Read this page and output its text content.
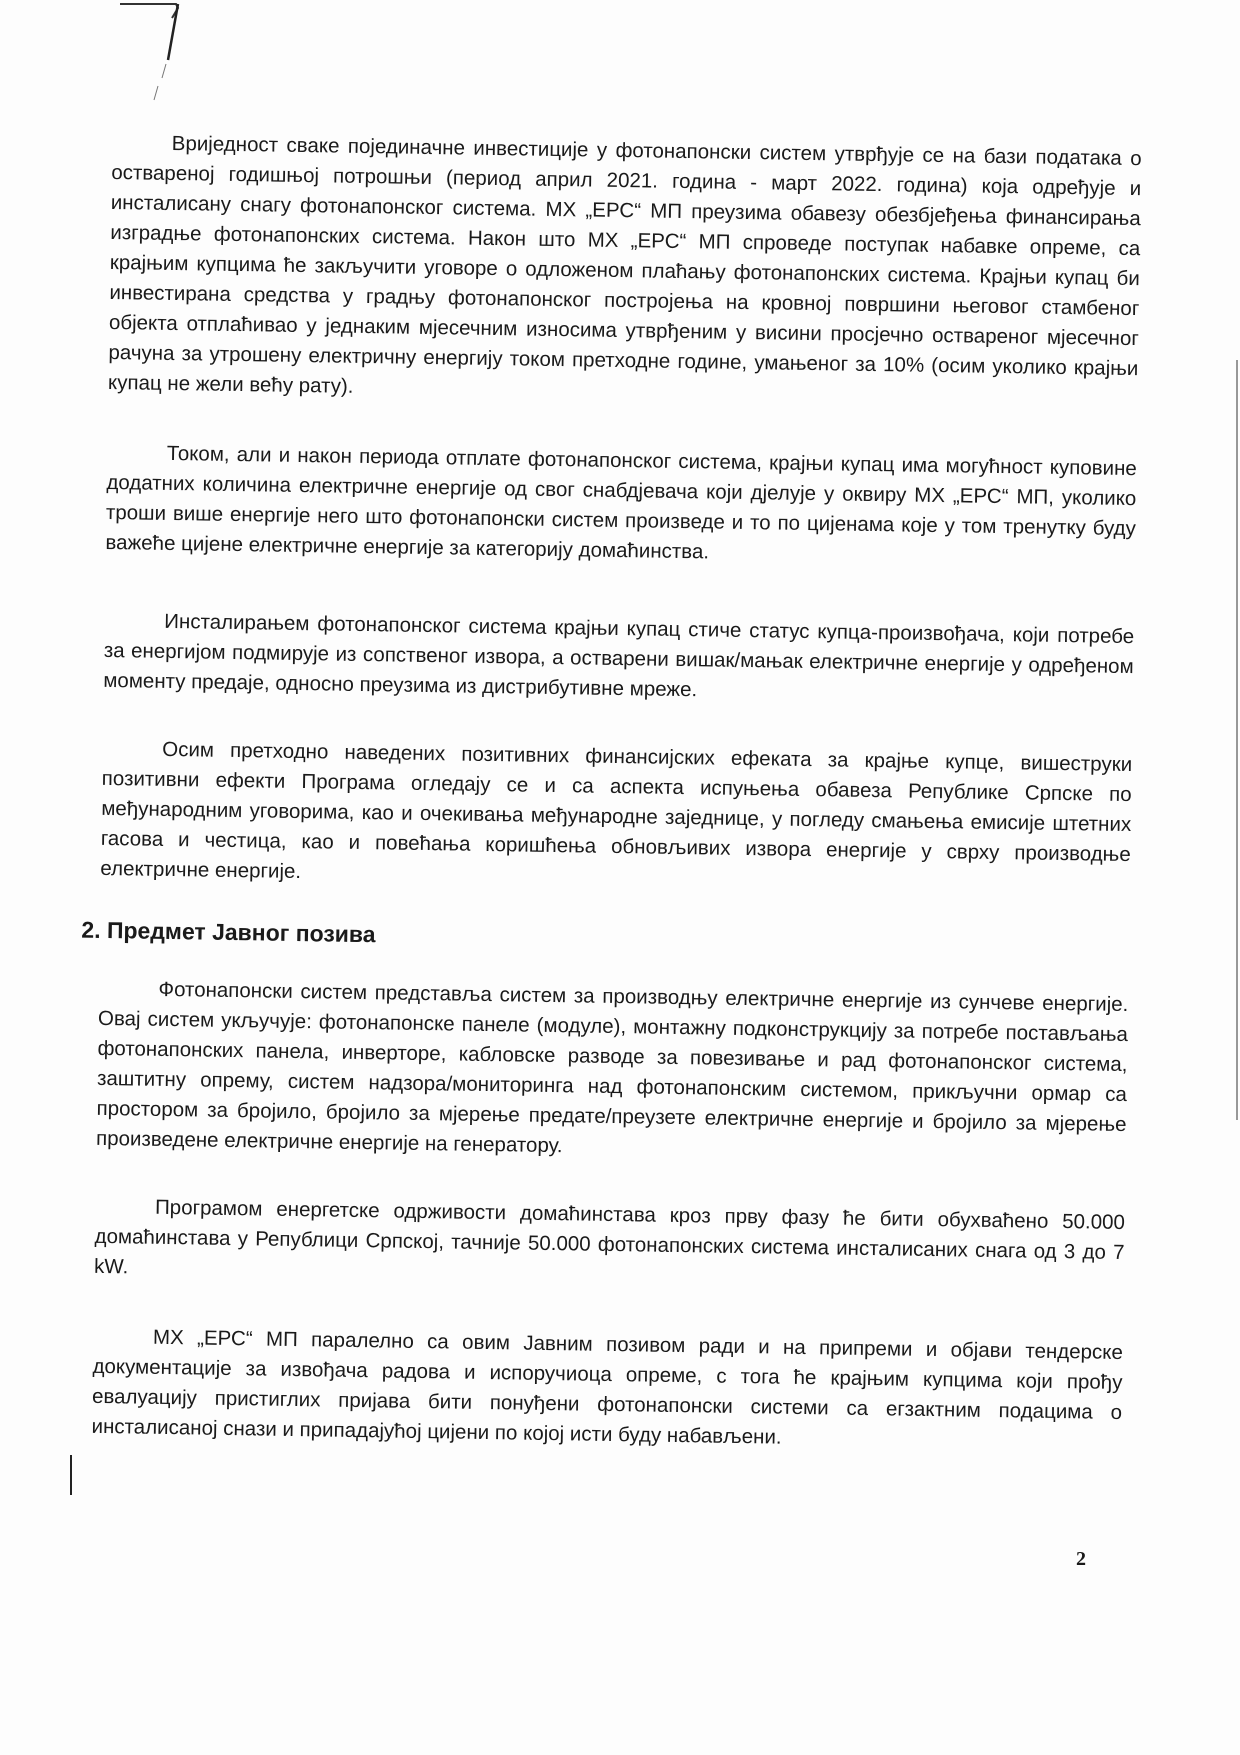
Вриједност сваке појединачне инвестиције у фотонапонски систем утврђује се на бази података о оствареној годишњој потрошњи (период април 2021. година - март 2022. година) која одређује и инсталисану снагу фотонапонског система. МХ „ЕРС“ МП преузима обавезу обезбјеђења финансирања изградње фотонапонских система. Након што МХ „ЕРС“ МП спроведе поступак набавке опреме, са крајњим купцима ће закључити уговоре о одложеном плаћању фотонапонских система. Крајњи купац би инвестирана средства у градњу фотонапонског постројења на кровној површини његовог стамбеног објекта отплаћивао у једнаким мјесечним износима утврђеним у висини просјечно оствареног мјесечног рачуна за утрошену електричну енергију током претходне године, умањеног за 10% (осим уколико крајњи купац не жели већу рату).

Током, али и након периода отплате фотонапонског система, крајњи купац има могућност куповине додатних количина електричне енергије од свог снабдјевача који дјелује у оквиру МХ „ЕРС“ МП, уколико троши више енергије него што фотонапонски систем произведе и то по цијенама које у том тренутку буду важеће цијене електричне енергије за категорију домаћинства.

Инсталирањем фотонапонског система крајњи купац стиче статус купца-произвођача, који потребе за енергијом подмирује из сопственог извора, а остварени вишак/мањак електричне енергије у одређеном моменту предаје, односно преузима из дистрибутивне мреже.

Осим претходно наведених позитивних финансијских ефеката за крајње купце, вишеструки позитивни ефекти Програма огледају се и са аспекта испуњења обавеза Републике Српске по међународним уговорима, као и очекивања међународне заједнице, у погледу смањења емисије штетних гасова и честица, као и повећања коришћења обновљивих извора енергије у сврху производње електричне енергије.

2. Предмет Јавног позива

Фотонапонски систем представља систем за производњу електричне енергије из сунчеве енергије. Овај систем укључује: фотонапонске панеле (модуле), монтажну подконструкцију за потребе постављања фотонапонских панела, инверторе, кабловске разводе за повезивање и рад фотонапонског система, заштитну опрему, систем надзора/мониторинга над фотонапонским системом, прикључни ормар са простором за бројило, бројило за мјерење предате/преузете електричне енергије и бројило за мјерење произведене електричне енергије на генератору.

Програмом енергетске одрживости домаћинстава кроз прву фазу ће бити обухваћено 50.000 домаћинстава у Републици Српској, тачније 50.000 фотонапонских система инсталисаних снага од 3 до 7 kW.

МХ „ЕРС“ МП паралелно са овим Јавним позивом ради и на припреми и објави тендерске документације за извођача радова и испоручиоца опреме, с тога ће крајњим купцима који прођу евалуацију пристиглих пријава бити понуђени фотонапонски системи са егзактним подацима о инсталисаној снази и припадајућој цијени по којој исти буду набављени.

2
